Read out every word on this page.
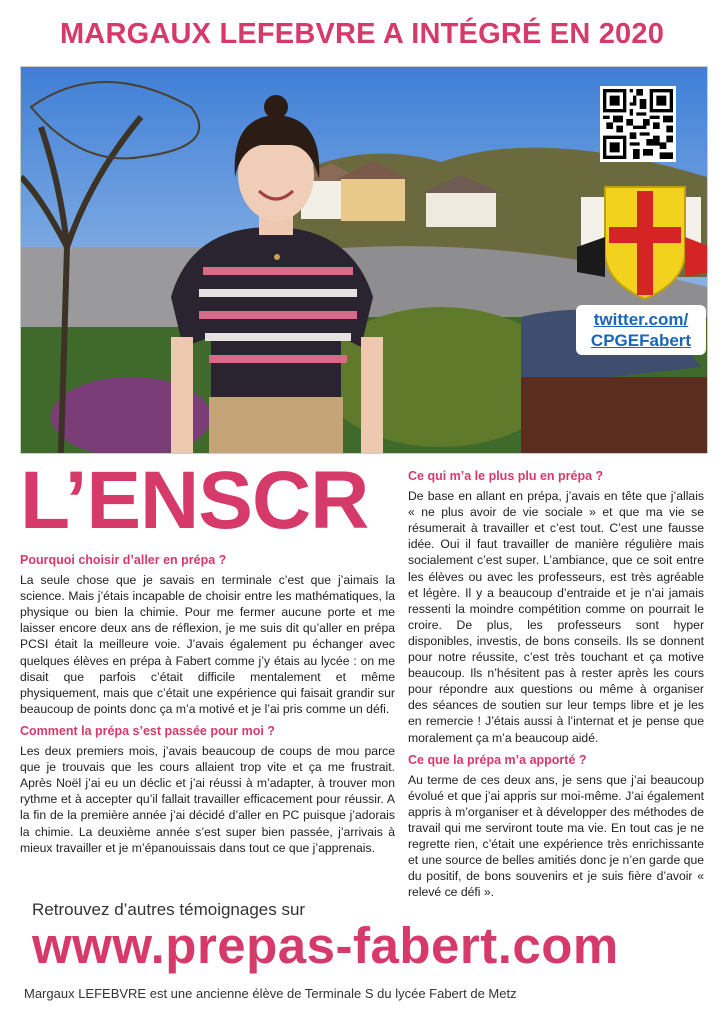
MARGAUX LEFEBVRE A INTÉGRÉ EN 2020
twitter.com/
CPGEFabert
L’ENSCR
Pourquoi choisir d’aller en prépa ?

La seule chose que je savais en terminale c’est que j’aimais la science. Mais j’étais incapable de choisir entre les mathématiques, la physique ou bien la chimie. Pour me fermer aucune porte et me laisser encore deux ans de réflexion, je me suis dit qu’aller en prépa PCSI était la meilleure voie. J’avais également pu échanger avec quelques élèves en prépa à Fabert comme j’y étais au lycée : on me disait que parfois c’était difficile mentalement et même physiquement, mais que c’était une expérience qui faisait grandir sur beaucoup de points donc ça m’a motivé et je l’ai pris comme un défi.

Comment la prépa s’est passée pour moi ?

Les deux premiers mois, j’avais beaucoup de coups de mou parce que je trouvais que les cours allaient trop vite et ça me frustrait. Après Noël j’ai eu un déclic et j’ai réussi à m’adapter, à trouver mon rythme et à accepter qu’il fallait travailler efficacement pour réussir. A la fin de la première année j’ai décidé d’aller en PC puisque j’adorais la chimie. La deuxième année s’est super bien passée, j’arrivais à mieux travailler et je m’épanouissais dans tout ce que j’apprenais.

Ce qui m’a le plus plu en prépa ?

De base en allant en prépa, j’avais en tête que j’allais « ne plus avoir de vie sociale » et que ma vie se résumerait à travailler et c’est tout. C’est une fausse idée. Oui il faut travailler de manière régulière mais socialement c’est super. L’ambiance, que ce soit entre les élèves ou avec les professeurs, est très agréable et légère. Il y a beaucoup d’entraide et je n’ai jamais ressenti la moindre compétition comme on pourrait le croire. De plus, les professeurs sont hyper disponibles, investis, de bons conseils. Ils se donnent pour notre réussite, c’est très touchant et ça motive beaucoup. Ils n’hésitent pas à rester après les cours pour répondre aux questions ou même à organiser des séances de soutien sur leur temps libre et je les en remercie ! J’étais aussi à l’internat et je pense que moralement ça m’a beaucoup aidé.

Ce que la prépa m’a apporté ?

Au terme de ces deux ans, je sens que j’ai beaucoup évolué et que j’ai appris sur moi-même. J’ai également appris à m’organiser et à développer des méthodes de travail qui me serviront toute ma vie. En tout cas je ne regrette rien, c’était une expérience très enrichissante et une source de belles amitiés donc je n’en garde que du positif, de bons souvenirs et je suis fière d’avoir « relevé ce défi ».

Retrouvez d’autres témoignages sur
www.prepas-fabert.com
Margaux LEFEBVRE est une ancienne élève de Terminale S du lycée Fabert de Metz
